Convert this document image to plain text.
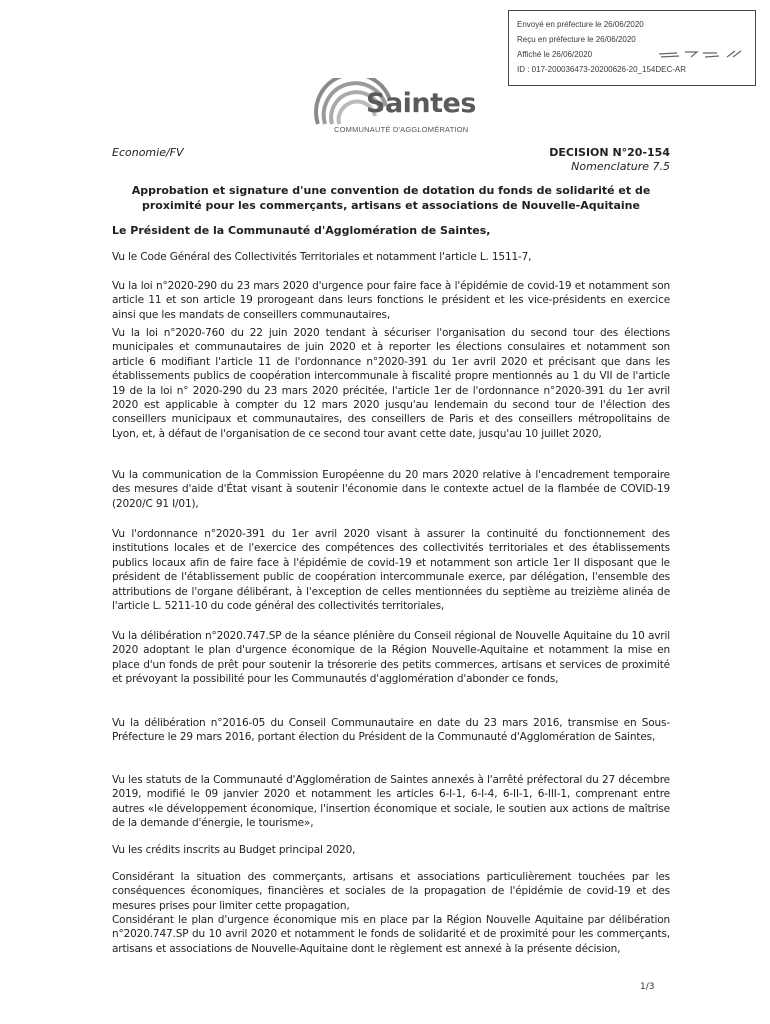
Envoyé en préfecture le 26/06/2020
Reçu en préfecture le 26/06/2020
Affiché le 26/06/2020
ID : 017-200036473-20200626-20_154DEC-AR
Saintes
COMMUNAUTÉ D'AGGLOMÉRATION
Economie/FV	DECISION N°20-154
Nomenclature 7.5
Approbation et signature d'une convention de dotation du fonds de solidarité et de proximité pour les commerçants, artisans et associations de Nouvelle-Aquitaine
Le Président de la Communauté d'Agglomération de Saintes,
Vu le Code Général des Collectivités Territoriales et notamment l'article L. 1511-7,
Vu la loi n°2020-290 du 23 mars 2020 d'urgence pour faire face à l'épidémie de covid-19 et notamment son article 11 et son article 19 prorogeant dans leurs fonctions le président et les vice-présidents en exercice ainsi que les mandats de conseillers communautaires,
Vu la loi n°2020-760 du 22 juin 2020 tendant à sécuriser l'organisation du second tour des élections municipales et communautaires de juin 2020 et à reporter les élections consulaires et notamment son article 6 modifiant l'article 11 de l'ordonnance n°2020-391 du 1er avril 2020 et précisant que dans les établissements publics de coopération intercommunale à fiscalité propre mentionnés au 1 du VII de l'article 19 de la loi n° 2020-290 du 23 mars 2020 précitée, l'article 1er de l'ordonnance n°2020-391 du 1er avril 2020 est applicable à compter du 12 mars 2020 jusqu'au lendemain du second tour de l'élection des conseillers municipaux et communautaires, des conseillers de Paris et des conseillers métropolitains de Lyon, et, à défaut de l'organisation de ce second tour avant cette date, jusqu'au 10 juillet 2020,
Vu la communication de la Commission Européenne du 20 mars 2020 relative à l'encadrement temporaire des mesures d'aide d'État visant à soutenir l'économie dans le contexte actuel de la flambée de COVID-19 (2020/C 91 I/01),
Vu l'ordonnance n°2020-391 du 1er avril 2020 visant à assurer la continuité du fonctionnement des institutions locales et de l'exercice des compétences des collectivités territoriales et des établissements publics locaux afin de faire face à l'épidémie de covid-19 et notamment son article 1er II disposant que le président de l'établissement public de coopération intercommunale exerce, par délégation, l'ensemble des attributions de l'organe délibérant, à l'exception de celles mentionnées du septième au treizième alinéa de l'article L. 5211-10 du code général des collectivités territoriales,
Vu la délibération n°2020.747.SP de la séance plénière du Conseil régional de Nouvelle Aquitaine du 10 avril 2020 adoptant le plan d'urgence économique de la Région Nouvelle-Aquitaine et notamment la mise en place d'un fonds de prêt pour soutenir la trésorerie des petits commerces, artisans et services de proximité et prévoyant la possibilité pour les Communautés d'agglomération d'abonder ce fonds,
Vu la délibération n°2016-05 du Conseil Communautaire en date du 23 mars 2016, transmise en Sous-Préfecture le 29 mars 2016, portant élection du Président de la Communauté d'Agglomération de Saintes,
Vu les statuts de la Communauté d'Agglomération de Saintes annexés à l'arrêté préfectoral du 27 décembre 2019, modifié le 09 janvier 2020 et notamment les articles 6-I-1, 6-I-4, 6-II-1, 6-III-1, comprenant entre autres «le développement économique, l'insertion économique et sociale, le soutien aux actions de maîtrise de la demande d'énergie, le tourisme»,
Vu les crédits inscrits au Budget principal 2020,
Considérant la situation des commerçants, artisans et associations particulièrement touchées par les conséquences économiques, financières et sociales de la propagation de l'épidémie de covid-19 et des mesures prises pour limiter cette propagation,
Considérant le plan d'urgence économique mis en place par la Région Nouvelle Aquitaine par délibération n°2020.747.SP du 10 avril 2020 et notamment le fonds de solidarité et de proximité pour les commerçants, artisans et associations de Nouvelle-Aquitaine dont le règlement est annexé à la présente décision,
1/3
